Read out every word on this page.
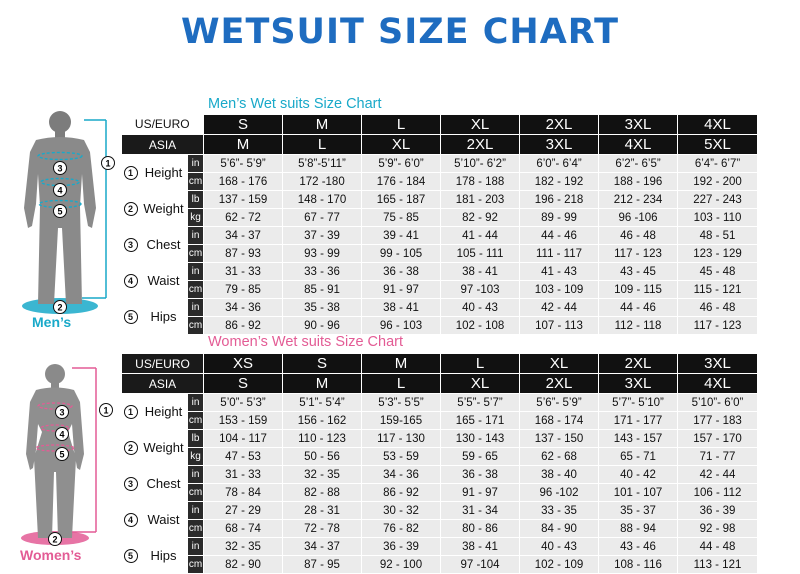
WETSUIT SIZE CHART
Men’s Wet suits Size Chart
Women’s Wet suits Size Chart
3
4
5
2
1
Men’s
3
4
5
2
1
Women’s
US/EURO			S	M	L	XL	2XL	3XL	4XL
ASIA			M	L	XL	2XL	3XL	4XL	5XL
1	Height	in	5’6”- 5’9”	5’8”-5’11”	5’9”- 6’0”	5’10”- 6’2”	6’0”- 6’4”	6’2”- 6’5”	6’4”- 6’7”
		cm	168 - 176	172 -180	176 - 184	178 - 188	182 - 192	188 - 196	192 - 200
2	Weight	lb	137 - 159	148 - 170	165 - 187	181 - 203	196 - 218	212 - 234	227 - 243
		kg	62 - 72	67 - 77	75 - 85	82 - 92	89 - 99	96 -106	103 - 110
3	Chest	in	34 - 37	37 - 39	39 - 41	41 - 44	44 - 46	46 - 48	48 - 51
		cm	87 - 93	93 - 99	99 - 105	105 - 111	111 - 117	117 - 123	123 - 129
4	Waist	in	31 - 33	33 - 36	36 - 38	38 - 41	41 - 43	43 - 45	45 - 48
		cm	79 - 85	85 - 91	91 - 97	97 -103	103 - 109	109 - 115	115 - 121
5	Hips	in	34 - 36	35 - 38	38 - 41	40 - 43	42 - 44	44 - 46	46 - 48
		cm	86 - 92	90 - 96	96 - 103	102 - 108	107 - 113	112 - 118	117 - 123
US/EURO			XS	S	M	L	XL	2XL	3XL
ASIA			S	M	L	XL	2XL	3XL	4XL
1	Height	in	5’0”- 5’3”	5’1”- 5’4”	5’3”- 5’5”	5’5”- 5’7”	5’6”- 5’9”	5’7”- 5’10”	5’10”- 6’0”
		cm	153 - 159	156 - 162	159-165	165 - 171	168 - 174	171 - 177	177 - 183
2	Weight	lb	104 - 117	110 - 123	117 - 130	130 - 143	137 - 150	143 - 157	157 - 170
		kg	47 - 53	50 - 56	53 - 59	59 - 65	62 - 68	65 - 71	71 - 77
3	Chest	in	31 - 33	32 - 35	34 - 36	36 - 38	38 - 40	40 - 42	42 - 44
		cm	78 - 84	82 - 88	86 - 92	91 - 97	96 -102	101 - 107	106 - 112
4	Waist	in	27 - 29	28 - 31	30 - 32	31 - 34	33 - 35	35 - 37	36 - 39
		cm	68 - 74	72 - 78	76 - 82	80 - 86	84 - 90	88 - 94	92 - 98
5	Hips	in	32 - 35	34 - 37	36 - 39	38 - 41	40 - 43	43 - 46	44 - 48
		cm	82 - 90	87 - 95	92 - 100	97 -104	102 - 109	108 - 116	113 - 121
